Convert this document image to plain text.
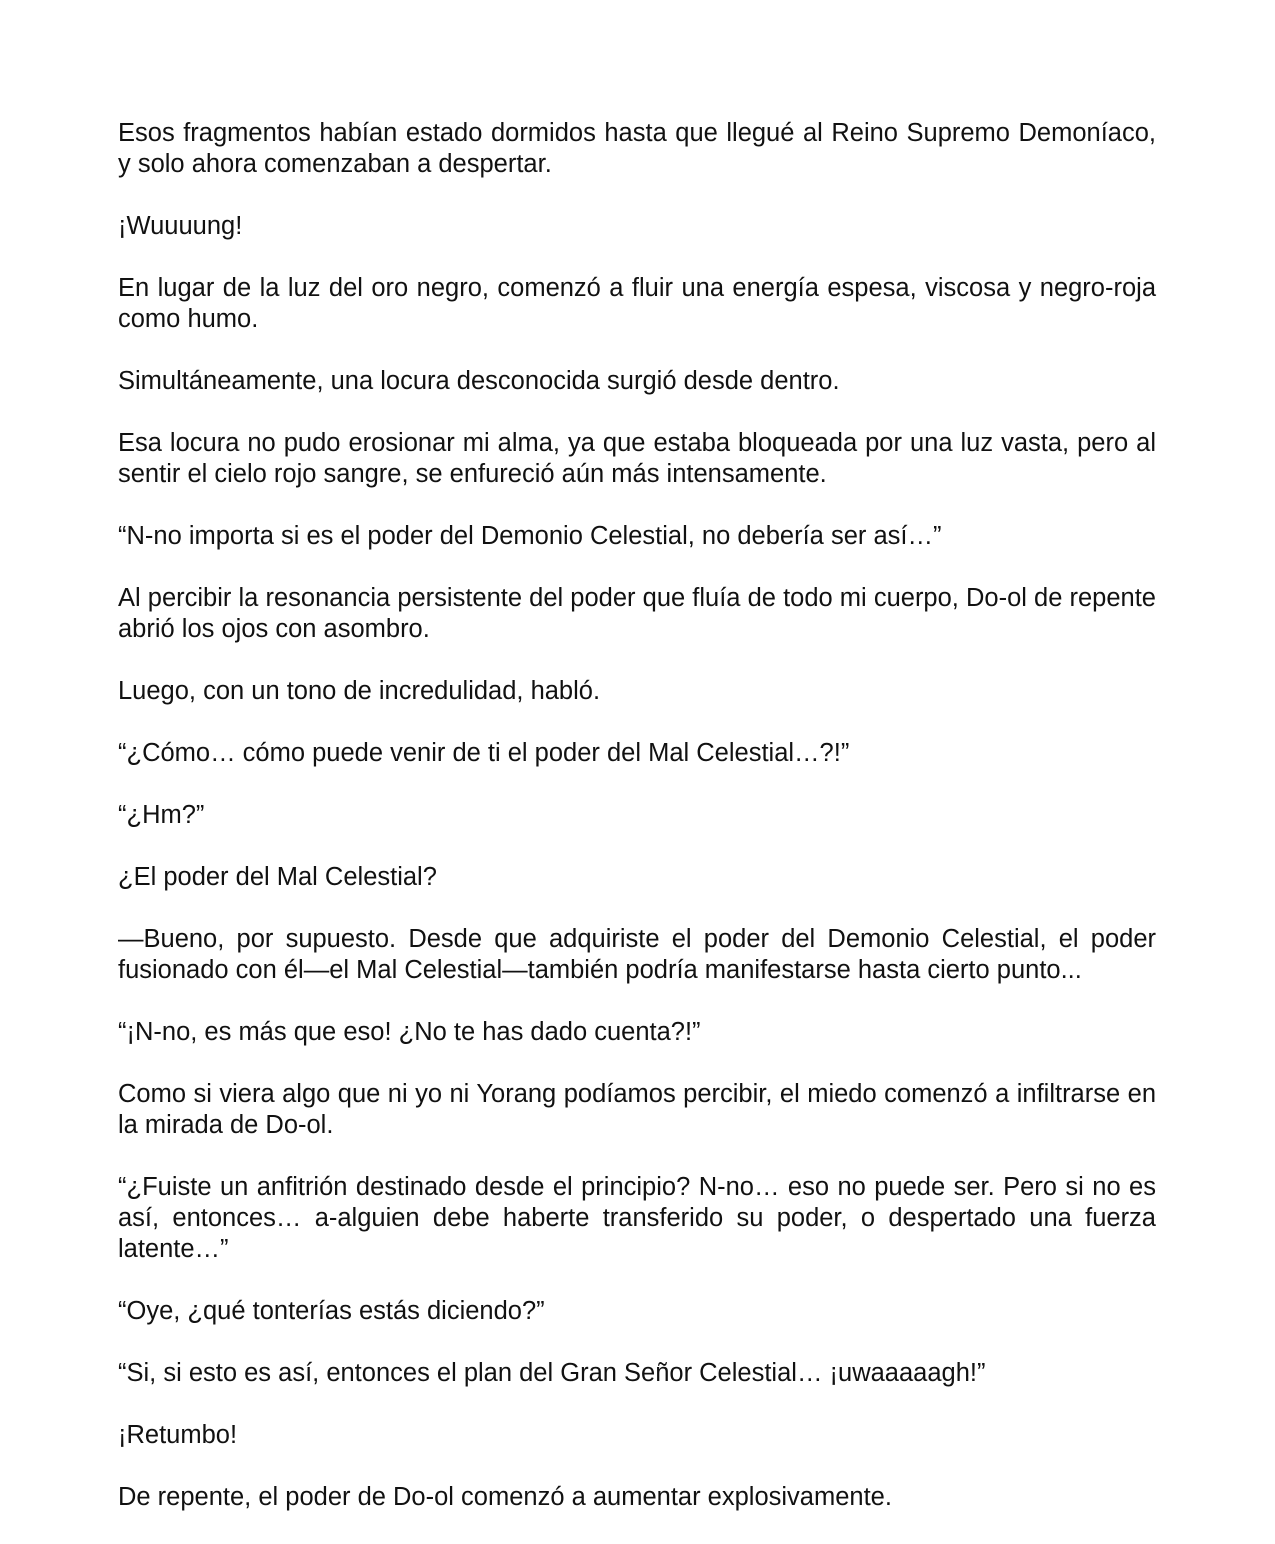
Esos fragmentos habían estado dormidos hasta que llegué al Reino Supremo Demoníaco, y solo ahora comenzaban a despertar.

¡Wuuuung!

En lugar de la luz del oro negro, comenzó a fluir una energía espesa, viscosa y negro-roja como humo.

Simultáneamente, una locura desconocida surgió desde dentro.

Esa locura no pudo erosionar mi alma, ya que estaba bloqueada por una luz vasta, pero al sentir el cielo rojo sangre, se enfureció aún más intensamente.

“N-no importa si es el poder del Demonio Celestial, no debería ser así…”

Al percibir la resonancia persistente del poder que fluía de todo mi cuerpo, Do-ol de repente abrió los ojos con asombro.

Luego, con un tono de incredulidad, habló.

“¿Cómo… cómo puede venir de ti el poder del Mal Celestial…?!”

“¿Hm?”

¿El poder del Mal Celestial?

—Bueno, por supuesto. Desde que adquiriste el poder del Demonio Celestial, el poder fusionado con él—el Mal Celestial—también podría manifestarse hasta cierto punto...

“¡N-no, es más que eso! ¿No te has dado cuenta?!”

Como si viera algo que ni yo ni Yorang podíamos percibir, el miedo comenzó a infiltrarse en la mirada de Do-ol.

“¿Fuiste un anfitrión destinado desde el principio? N-no… eso no puede ser. Pero si no es así, entonces… a-alguien debe haberte transferido su poder, o despertado una fuerza latente…”

“Oye, ¿qué tonterías estás diciendo?”

“Si, si esto es así, entonces el plan del Gran Señor Celestial… ¡uwaaaaagh!”

¡Retumbo!

De repente, el poder de Do-ol comenzó a aumentar explosivamente.
